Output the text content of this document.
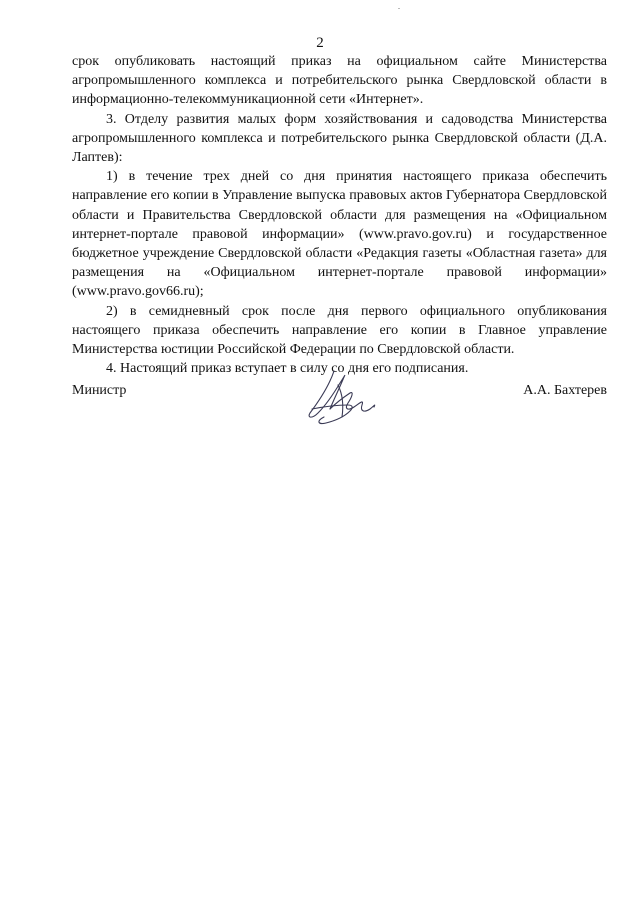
2

срок опубликовать настоящий приказ на официальном сайте Министерства агропромышленного комплекса и потребительского рынка Свердловской области в информационно-телекоммуникационной сети «Интернет».

3. Отделу развития малых форм хозяйствования и садоводства Министерства агропромышленного комплекса и потребительского рынка Свердловской области (Д.А. Лаптев):

1) в течение трех дней со дня принятия настоящего приказа обеспечить направление его копии в Управление выпуска правовых актов Губернатора Свердловской области и Правительства Свердловской области для размещения на «Официальном интернет-портале правовой информации» (www.pravo.gov.ru) и государственное бюджетное учреждение Свердловской области «Редакция газеты «Областная газета» для размещения на «Официальном интернет-портале правовой информации» (www.pravo.gov66.ru);

2) в семидневный срок после дня первого официального опубликования настоящего приказа обеспечить направление его копии в Главное управление Министерства юстиции Российской Федерации по Свердловской области.

4. Настоящий приказ вступает в силу со дня его подписания.

Министр	А.А. Бахтерев
